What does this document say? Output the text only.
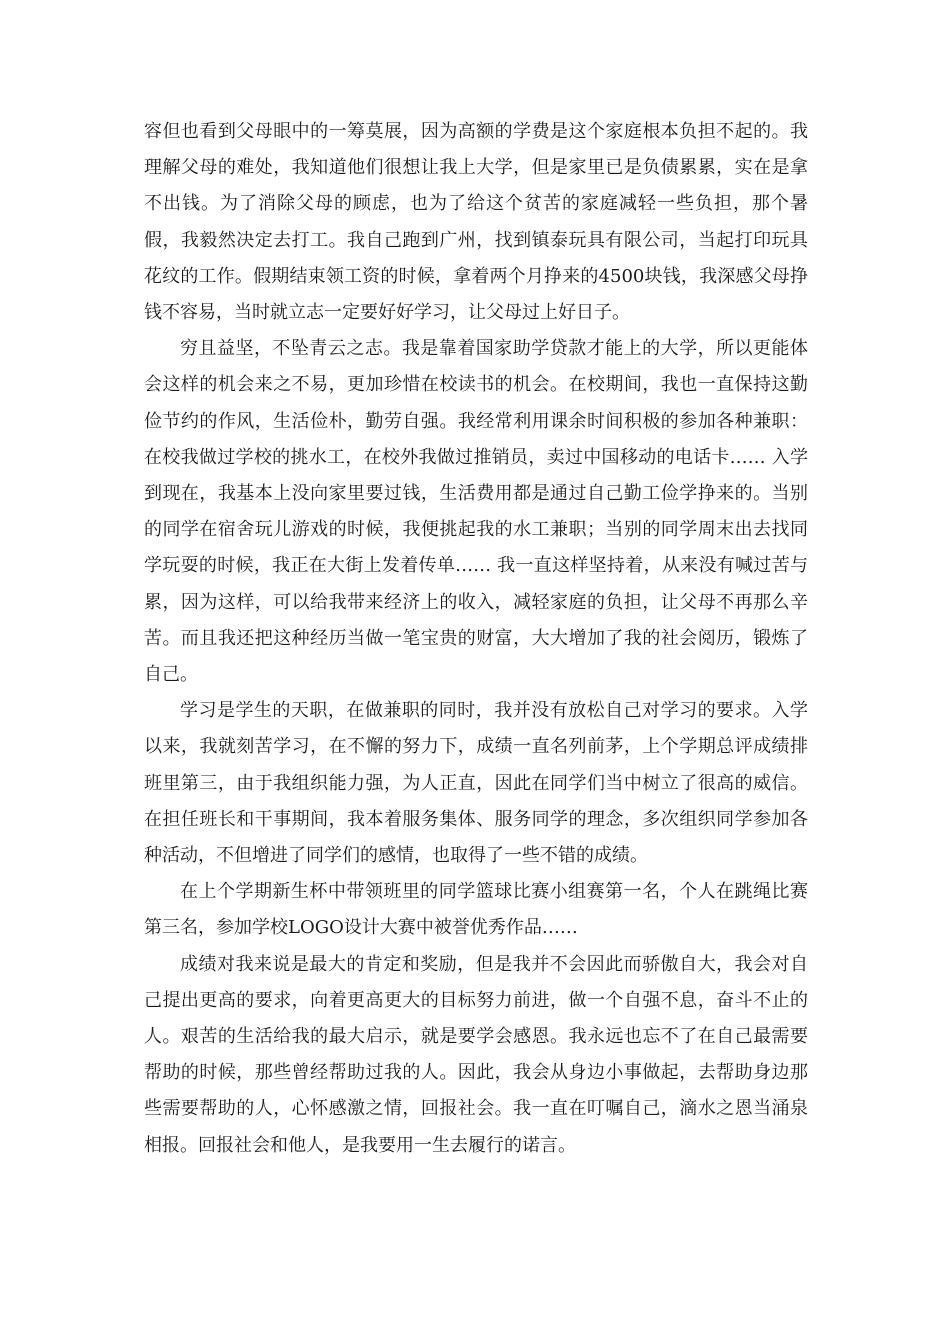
容但也看到父母眼中的一筹莫展，因为高额的学费是这个家庭根本负担不起的。我理解父母的难处，我知道他们很想让我上大学，但是家里已是负债累累，实在是拿不出钱。为了消除父母的顾虑，也为了给这个贫苦的家庭减轻一些负担，那个暑假，我毅然决定去打工。我自己跑到广州，找到镇泰玩具有限公司，当起打印玩具花纹的工作。假期结束领工资的时候，拿着两个月挣来的4500块钱，我深感父母挣钱不容易，当时就立志一定要好好学习，让父母过上好日子。

穷且益坚，不坠青云之志。我是靠着国家助学贷款才能上的大学，所以更能体会这样的机会来之不易，更加珍惜在校读书的机会。在校期间，我也一直保持这勤俭节约的作风，生活俭朴，勤劳自强。我经常利用课余时间积极的参加各种兼职：在校我做过学校的挑水工，在校外我做过推销员，卖过中国移动的电话卡…… 入学到现在，我基本上没向家里要过钱，生活费用都是通过自己勤工俭学挣来的。当别的同学在宿舍玩儿游戏的时候，我便挑起我的水工兼职；当别的同学周末出去找同学玩耍的时候，我正在大街上发着传单…… 我一直这样坚持着，从来没有喊过苦与累，因为这样，可以给我带来经济上的收入，减轻家庭的负担，让父母不再那么辛苦。而且我还把这种经历当做一笔宝贵的财富，大大增加了我的社会阅历，锻炼了自己。

学习是学生的天职，在做兼职的同时，我并没有放松自己对学习的要求。入学以来，我就刻苦学习，在不懈的努力下，成绩一直名列前茅，上个学期总评成绩排班里第三，由于我组织能力强，为人正直，因此在同学们当中树立了很高的威信。在担任班长和干事期间，我本着服务集体、服务同学的理念，多次组织同学参加各种活动，不但增进了同学们的感情，也取得了一些不错的成绩。

在上个学期新生杯中带领班里的同学篮球比赛小组赛第一名，个人在跳绳比赛第三名，参加学校LOGO设计大赛中被誉优秀作品……

成绩对我来说是最大的肯定和奖励，但是我并不会因此而骄傲自大，我会对自己提出更高的要求，向着更高更大的目标努力前进，做一个自强不息，奋斗不止的人。艰苦的生活给我的最大启示，就是要学会感恩。我永远也忘不了在自己最需要帮助的时候，那些曾经帮助过我的人。因此，我会从身边小事做起，去帮助身边那些需要帮助的人，心怀感激之情，回报社会。我一直在叮嘱自己，滴水之恩当涌泉相报。回报社会和他人，是我要用一生去履行的诺言。
